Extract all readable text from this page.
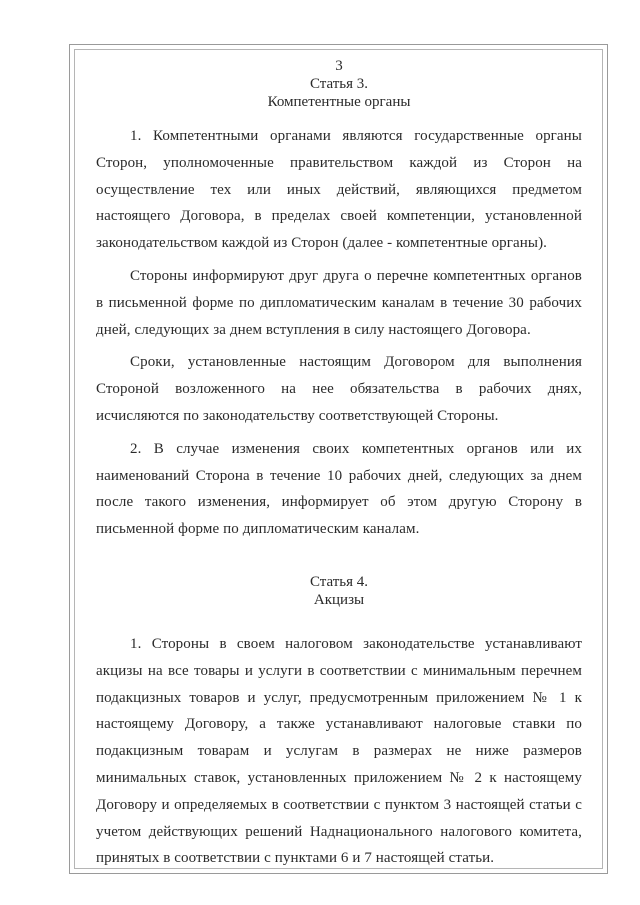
3

Статья 3.

Компетентные органы

1. Компетентными органами являются государственные органы Сторон, уполномоченные правительством каждой из Сторон на осуществление тех или иных действий, являющихся предметом настоящего Договора, в пределах своей компетенции, установленной законодательством каждой из Сторон (далее - компетентные органы).

Стороны информируют друг друга о перечне компетентных органов в письменной форме по дипломатическим каналам в течение 30 рабочих дней, следующих за днем вступления в силу настоящего Договора.

Сроки, установленные настоящим Договором для выполнения Стороной возложенного на нее обязательства в рабочих днях, исчисляются по законодательству соответствующей Стороны.

2. В случае изменения своих компетентных органов или их наименований Сторона в течение 10 рабочих дней, следующих за днем после такого изменения, информирует об этом другую Сторону в письменной форме по дипломатическим каналам.

Статья 4.

Акцизы

1. Стороны в своем налоговом законодательстве устанавливают акцизы на все товары и услуги в соответствии с минимальным перечнем подакцизных товаров и услуг, предусмотренным приложением № 1 к настоящему Договору, а также устанавливают налоговые ставки по подакцизным товарам и услугам в размерах не ниже размеров минимальных ставок, установленных приложением № 2 к настоящему Договору и определяемых в соответствии с пунктом 3 настоящей статьи с учетом действующих решений Наднационального налогового комитета, принятых в соответствии с пунктами 6 и 7 настоящей статьи.
